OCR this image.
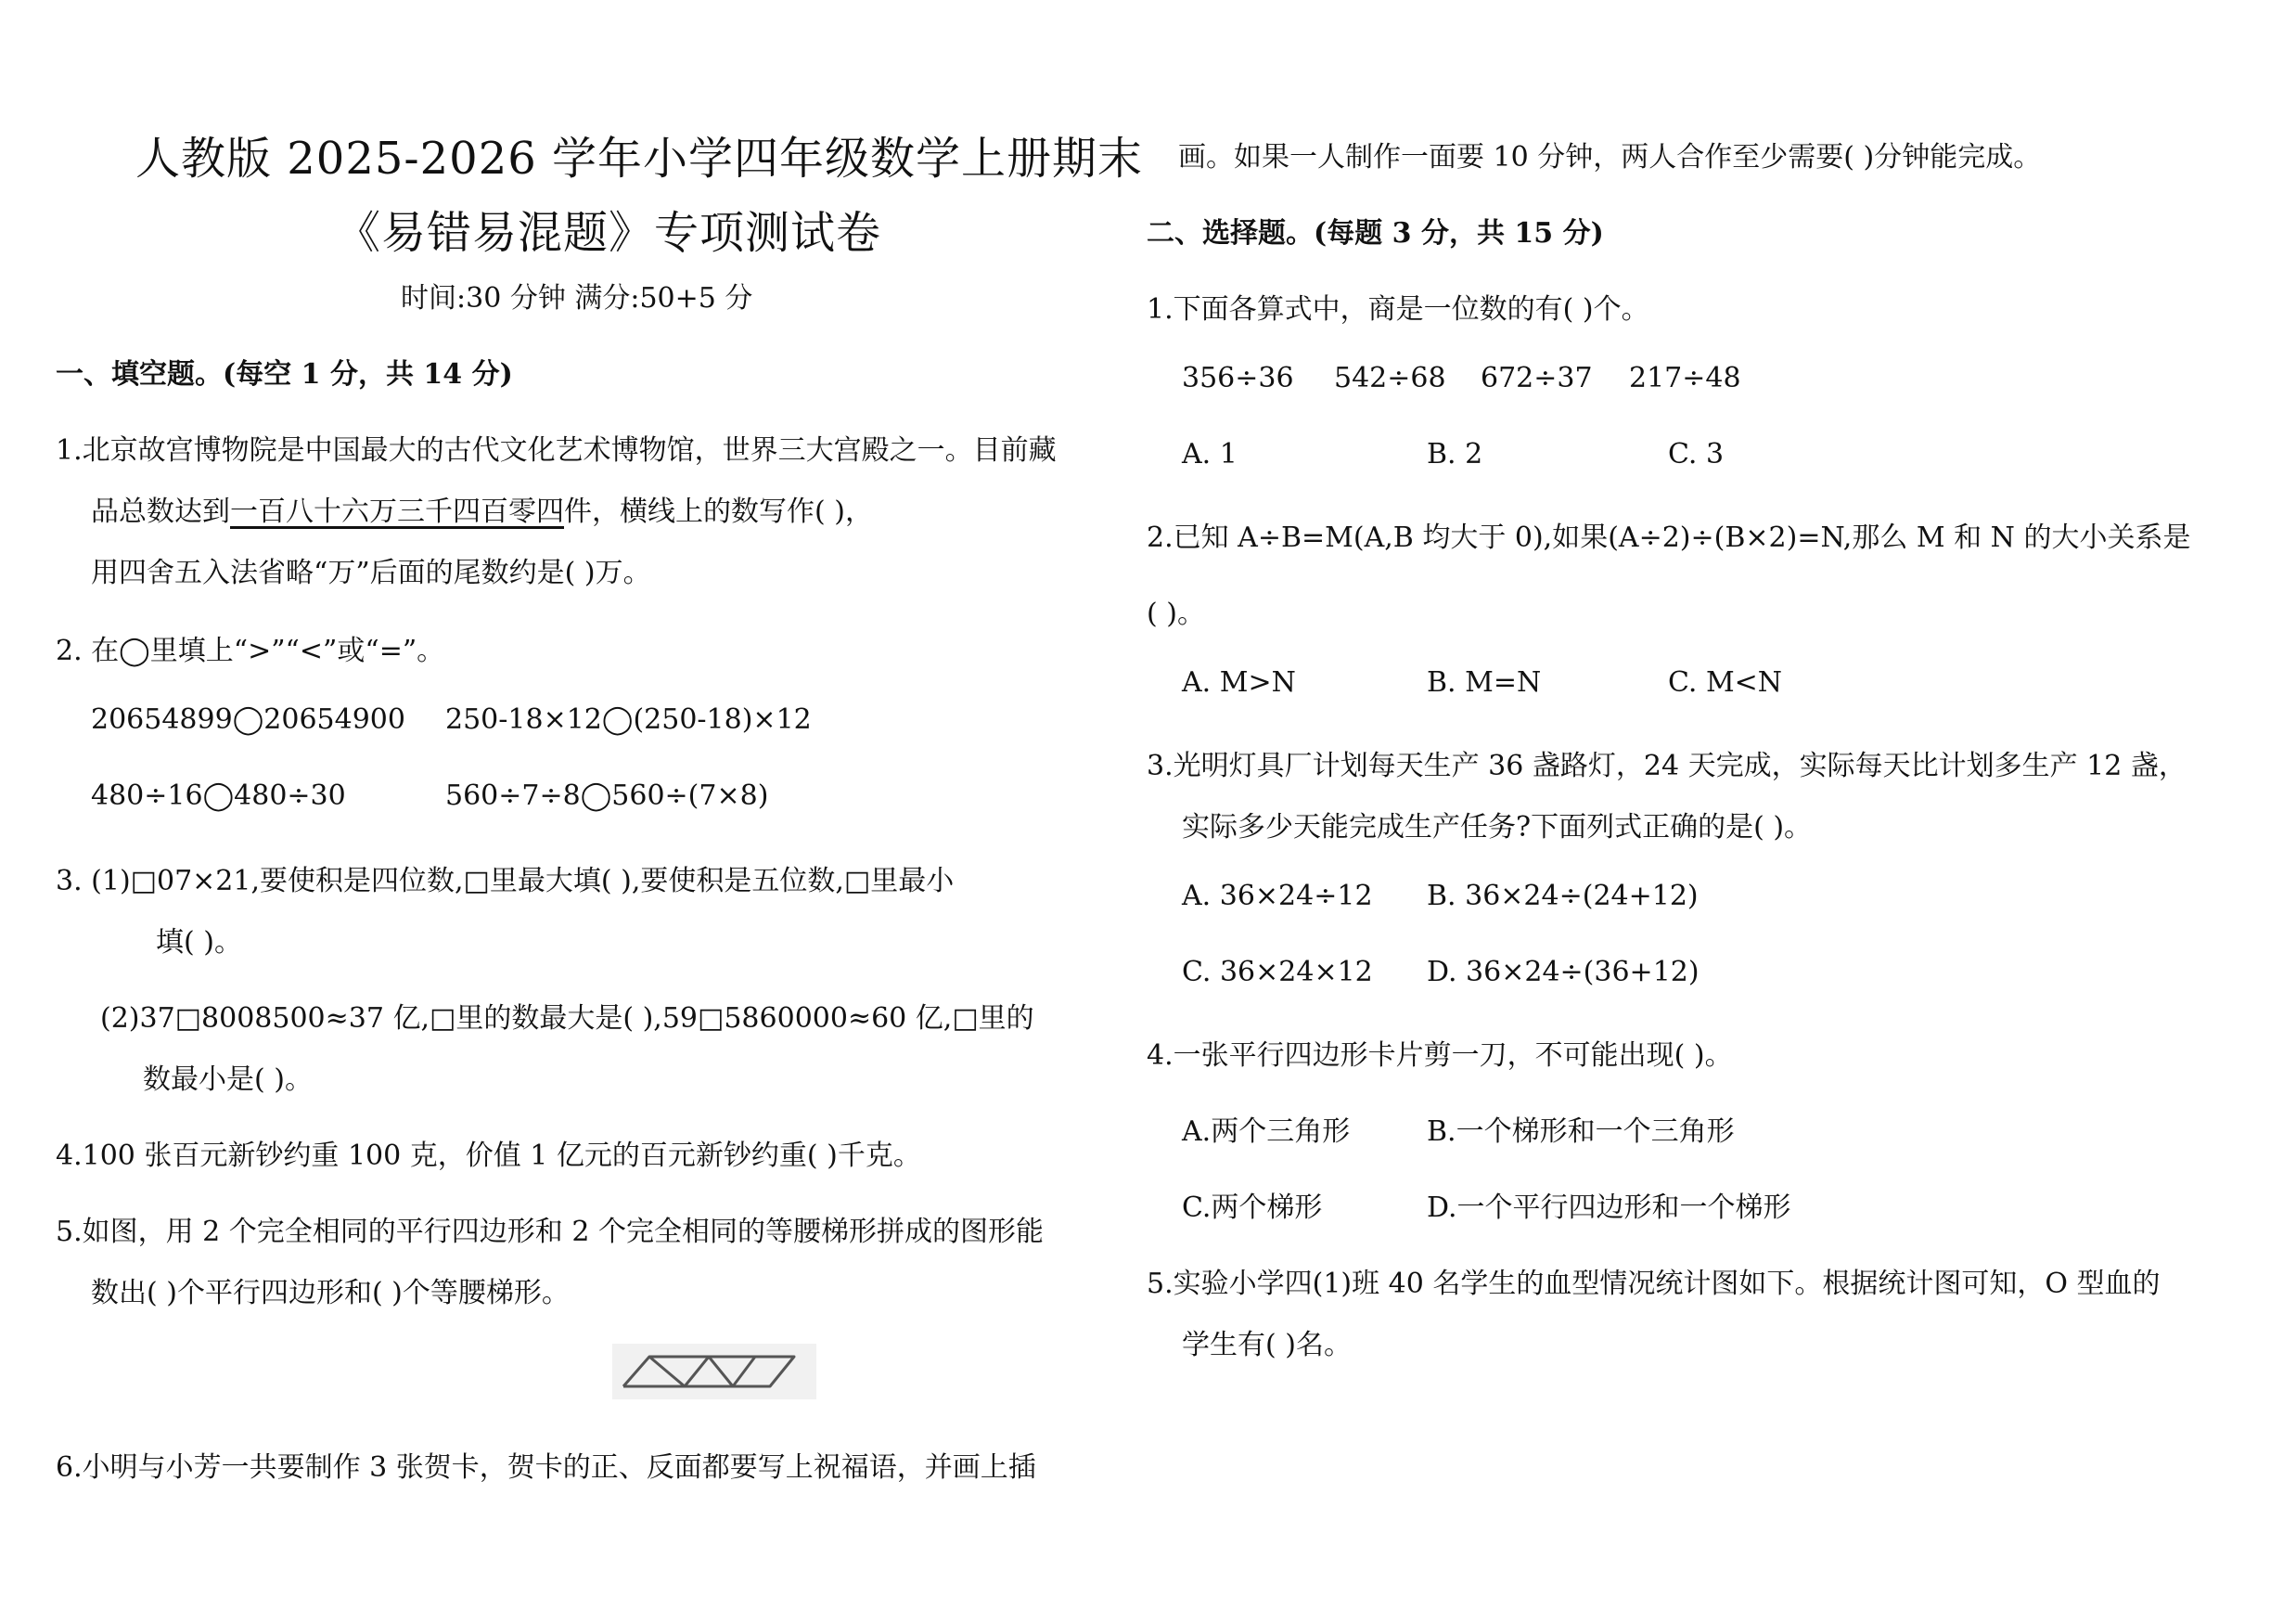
人教版 2025-2026 学年小学四年级数学上册期末
《易错易混题》专项测试卷
时间:30 分钟 满分:50+5 分
一、填空题。(每空 1 分，共 14 分)
1.北京故宫博物院是中国最大的古代文化艺术博物馆，世界三大宫殿之一。目前藏
品总数达到一百八十六万三千四百零四件，横线上的数写作( )，
用四舍五入法省略“万”后面的尾数约是( )万。
2. 在◯里填上“>”“<”或“=”。
20654899◯20654900 250-18×12◯(250-18)×12
480÷16◯480÷30	560÷7÷8◯560÷(7×8)
3. (1)□07×21,要使积是四位数,□里最大填( ),要使积是五位数,□里最小
填( )。
(2)37□8008500≈37 亿,□里的数最大是( ),59□5860000≈60 亿,□里的
数最小是( )。
4.100 张百元新钞约重 100 克，价值 1 亿元的百元新钞约重( )千克。
5.如图，用 2 个完全相同的平行四边形和 2 个完全相同的等腰梯形拼成的图形能
数出( )个平行四边形和( )个等腰梯形。
6.小明与小芳一共要制作 3 张贺卡，贺卡的正、反面都要写上祝福语，并画上插
画。如果一人制作一面要 10 分钟，两人合作至少需要( )分钟能完成。
二、选择题。(每题 3 分，共 15 分)
1.下面各算式中，商是一位数的有( )个。
356÷36 542÷68 672÷37 217÷48
A. 1	B. 2	C. 3
2.已知 A÷B=M(A,B 均大于 0),如果(A÷2)÷(B×2)=N,那么 M 和 N 的大小关系是
( )。
A. M>N	B. M=N	C. M<N
3.光明灯具厂计划每天生产 36 盏路灯，24 天完成，实际每天比计划多生产 12 盏，
实际多少天能完成生产任务?下面列式正确的是( )。
A. 36×24÷12 B. 36×24÷(24+12)
C. 36×24×12 D. 36×24÷(36+12)
4.一张平行四边形卡片剪一刀，不可能出现( )。
A.两个三角形	B.一个梯形和一个三角形
C.两个梯形	D.一个平行四边形和一个梯形
5.实验小学四(1)班 40 名学生的血型情况统计图如下。根据统计图可知，O 型血的
学生有( )名。
